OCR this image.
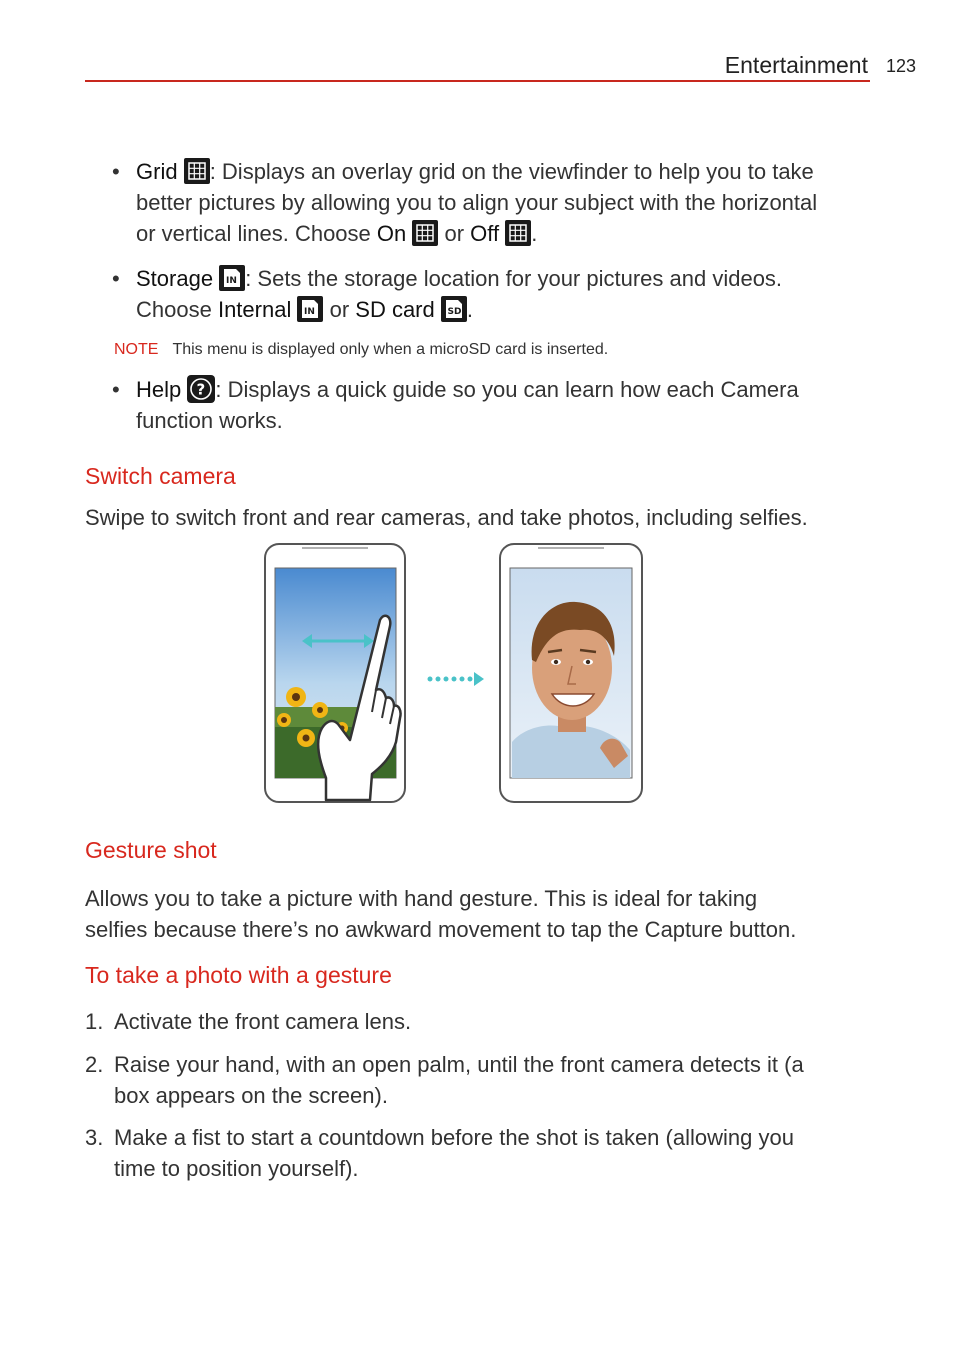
Entertainment 123
• Grid : Displays an overlay grid on the viewfinder to help you to take
better pictures by allowing you to align your subject with the horizontal
or vertical lines. Choose On
or Off .
• Storage IN : Sets the storage location for your pictures and videos.
Choose Internal IN or SD card SD .
NOTE This menu is displayed only when a microSD card is inserted.
• Help ? : Displays a quick guide so you can learn how each Camera
function works.
Switch camera
Swipe to switch front and rear cameras, and take photos, including selfies.
Gesture shot
Allows you to take a picture with hand gesture. This is ideal for taking
selfies because there’s no awkward movement to tap the Capture button.
To take a photo with a gesture
1. Activate the front camera lens.
2. Raise your hand, with an open palm, until the front camera detects it (a
box appears on the screen).
3. Make a fist to start a countdown before the shot is taken (allowing you
time to position yourself).
